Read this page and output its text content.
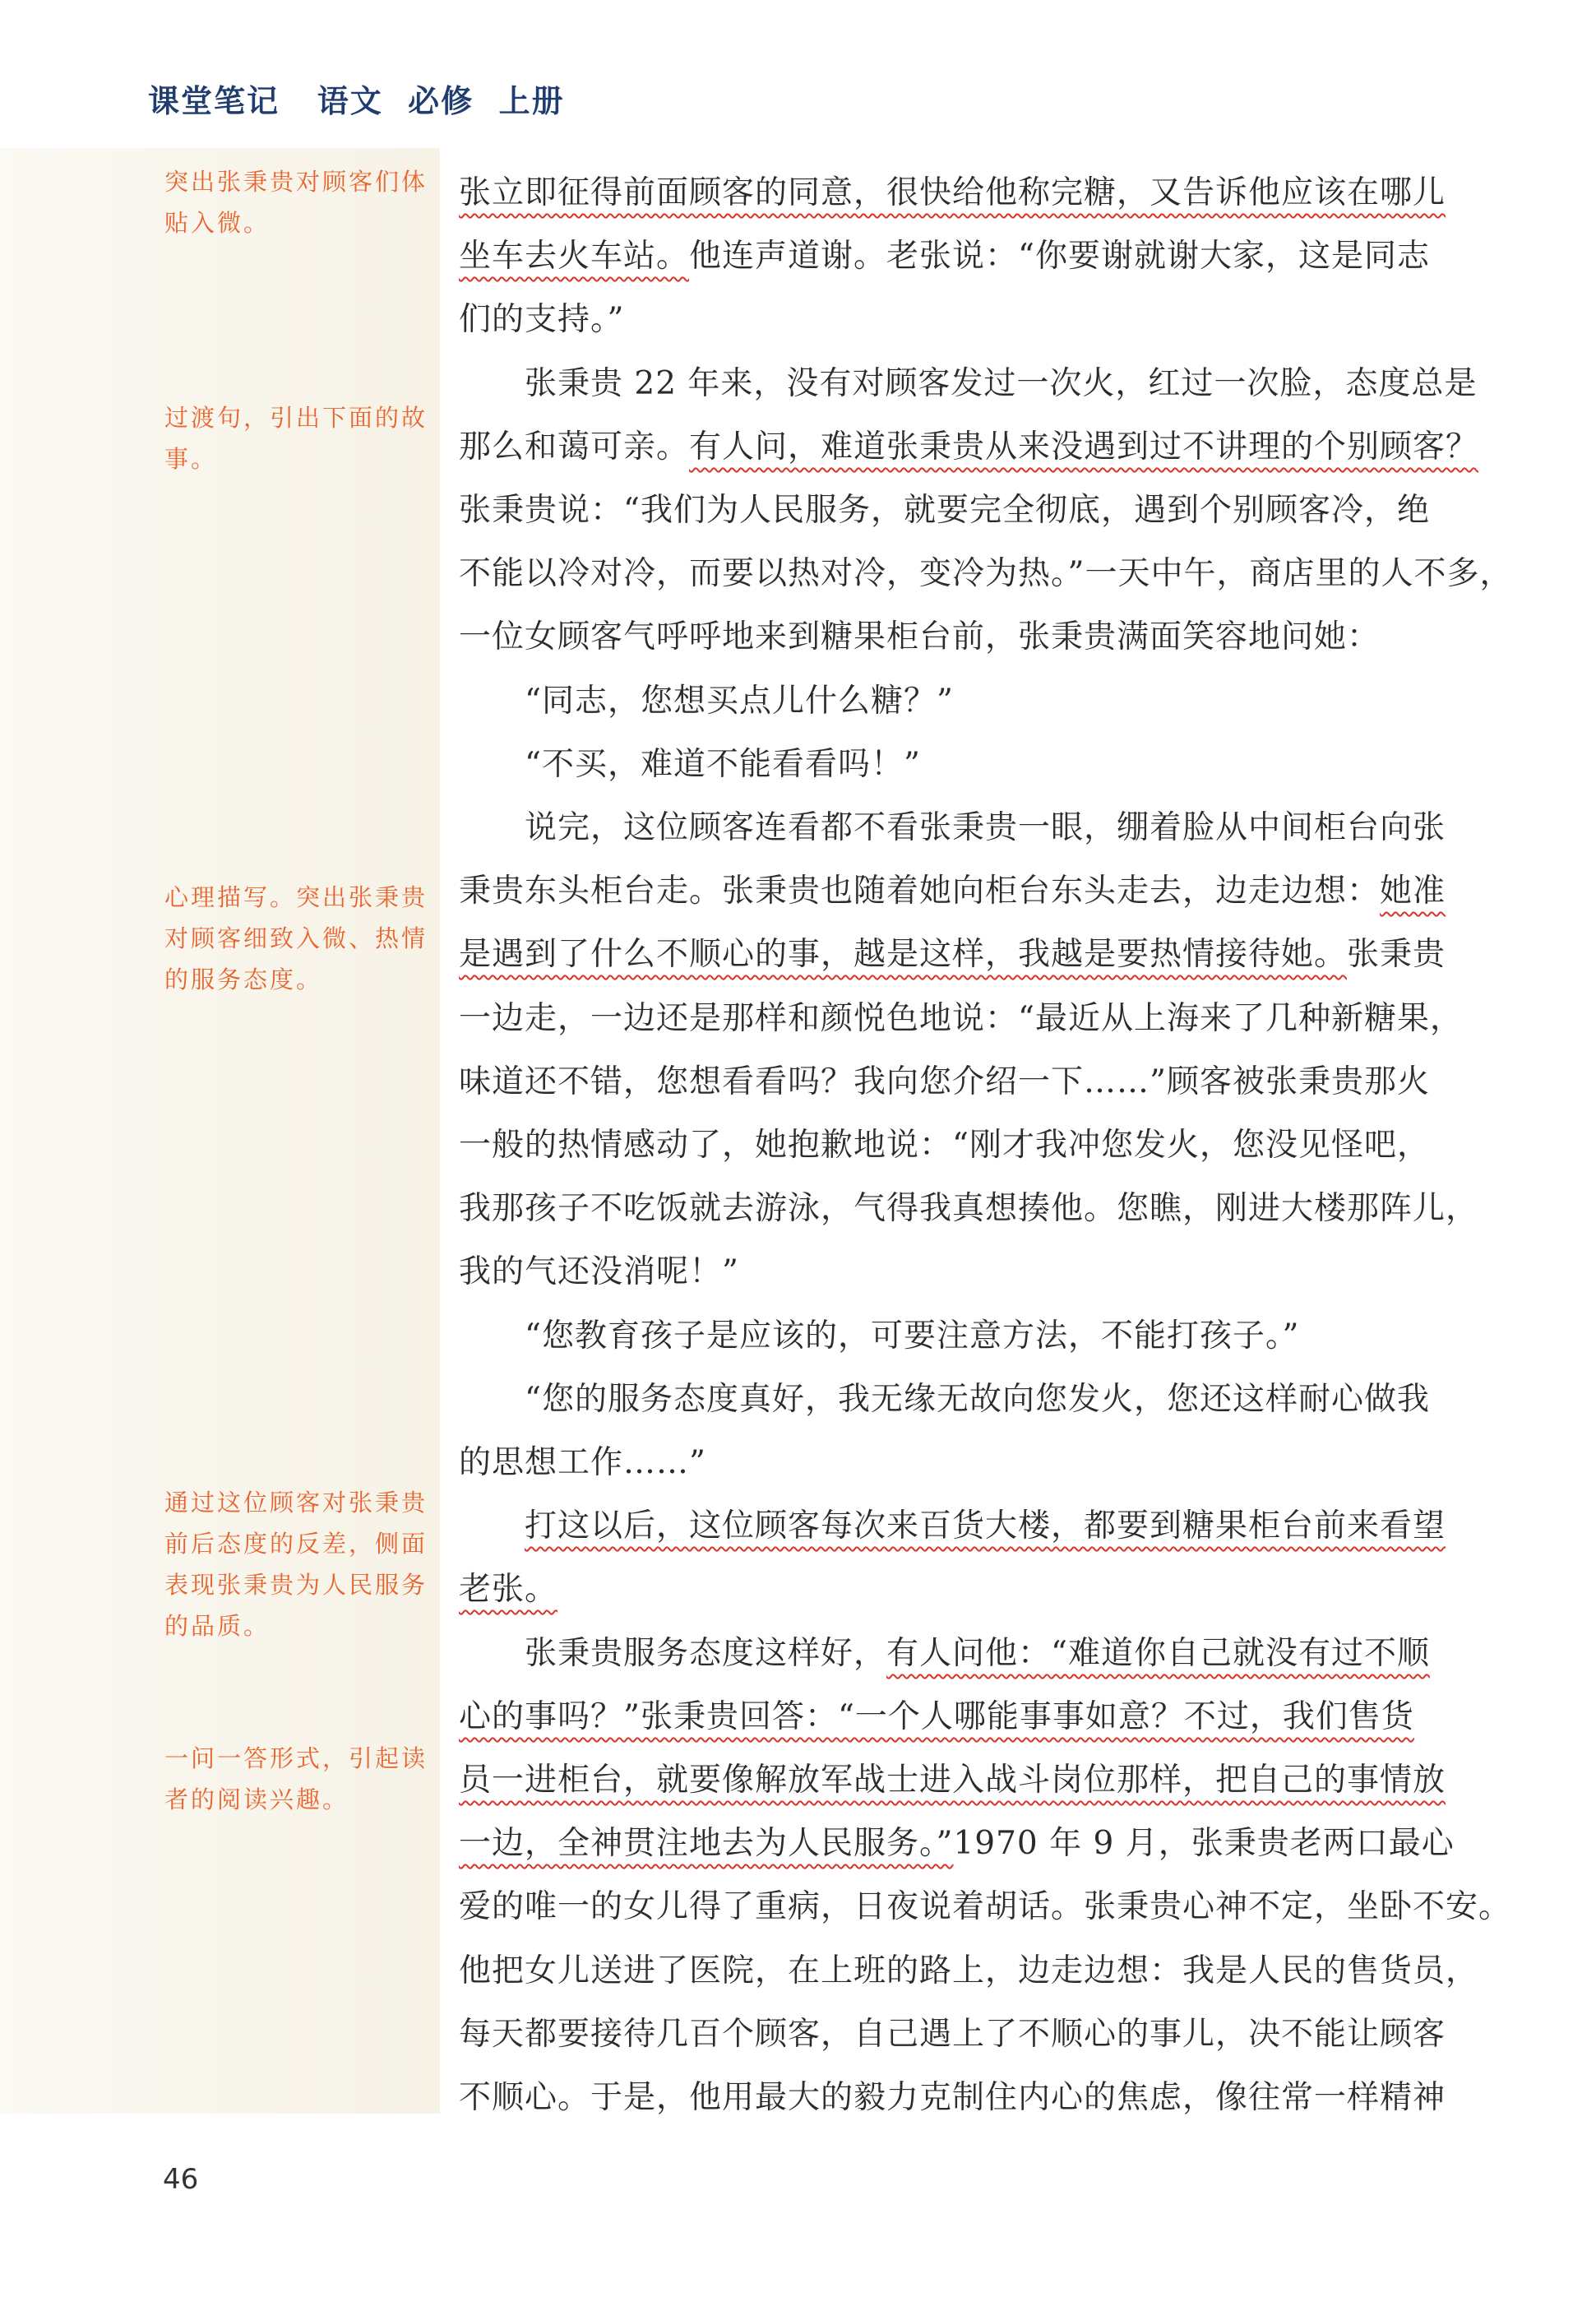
课堂笔记   语文  必修  上册
突出张秉贵对顾客们体贴入微。
过渡句，引出下面的故事。
心理描写。突出张秉贵对顾客细致入微、热情的服务态度。
通过这位顾客对张秉贵前后态度的反差，侧面表现张秉贵为人民服务的品质。
一问一答形式，引起读者的阅读兴趣。
张立即征得前面顾客的同意，很快给他称完糖，又告诉他应该在哪儿
坐车去火车站。他连声道谢。老张说：“你要谢就谢大家，这是同志
们的支持。”
　　张秉贵 22 年来，没有对顾客发过一次火，红过一次脸，态度总是
那么和蔼可亲。有人问，难道张秉贵从来没遇到过不讲理的个别顾客？
张秉贵说：“我们为人民服务，就要完全彻底，遇到个别顾客冷，绝
不能以冷对冷，而要以热对冷，变冷为热。”一天中午，商店里的人不多，
一位女顾客气呼呼地来到糖果柜台前，张秉贵满面笑容地问她：
　　“同志，您想买点儿什么糖？”
　　“不买，难道不能看看吗！”
　　说完，这位顾客连看都不看张秉贵一眼，绷着脸从中间柜台向张
秉贵东头柜台走。张秉贵也随着她向柜台东头走去，边走边想：她准
是遇到了什么不顺心的事，越是这样，我越是要热情接待她。张秉贵
一边走，一边还是那样和颜悦色地说：“最近从上海来了几种新糖果，
味道还不错，您想看看吗？我向您介绍一下……”顾客被张秉贵那火
一般的热情感动了，她抱歉地说：“刚才我冲您发火，您没见怪吧，
我那孩子不吃饭就去游泳，气得我真想揍他。您瞧，刚进大楼那阵儿，
我的气还没消呢！”
　　“您教育孩子是应该的，可要注意方法，不能打孩子。”
　　“您的服务态度真好，我无缘无故向您发火，您还这样耐心做我
的思想工作……”
　　打这以后，这位顾客每次来百货大楼，都要到糖果柜台前来看望
老张。
　　张秉贵服务态度这样好，有人问他：“难道你自己就没有过不顺
心的事吗？”张秉贵回答：“一个人哪能事事如意？不过，我们售货
员一进柜台，就要像解放军战士进入战斗岗位那样，把自己的事情放
一边，全神贯注地去为人民服务。”1970 年 9 月，张秉贵老两口最心
爱的唯一的女儿得了重病，日夜说着胡话。张秉贵心神不定，坐卧不安。
他把女儿送进了医院，在上班的路上，边走边想：我是人民的售货员，
每天都要接待几百个顾客，自己遇上了不顺心的事儿，决不能让顾客
不顺心。于是，他用最大的毅力克制住内心的焦虑，像往常一样精神
46
